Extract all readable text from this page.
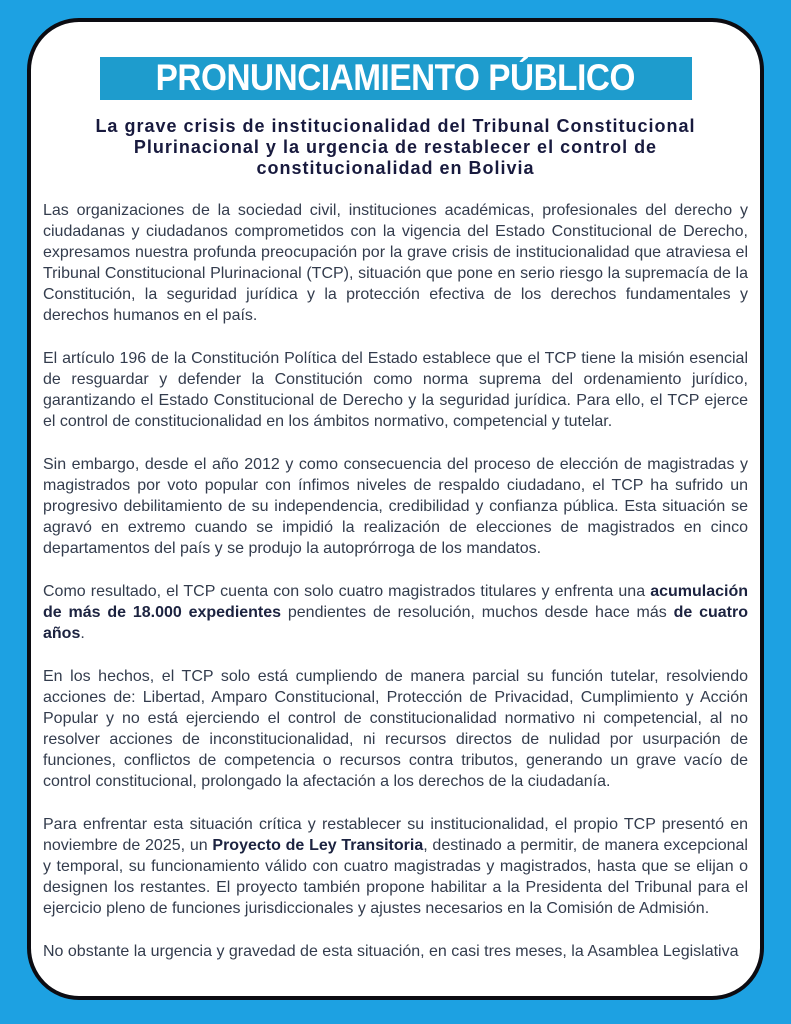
PRONUNCIAMIENTO PÚBLICO
La grave crisis de institucionalidad del Tribunal Constitucional Plurinacional y la urgencia de restablecer el control de constitucionalidad en Bolivia

Las organizaciones de la sociedad civil, instituciones académicas, profesionales del derecho y ciudadanas y ciudadanos comprometidos con la vigencia del Estado Constitucional de Derecho, expresamos nuestra profunda preocupación por la grave crisis de institucionalidad que atraviesa el Tribunal Constitucional Plurinacional (TCP), situación que pone en serio riesgo la supremacía de la Constitución, la seguridad jurídica y la protección efectiva de los derechos fundamentales y derechos humanos en el país.

El artículo 196 de la Constitución Política del Estado establece que el TCP tiene la misión esencial de resguardar y defender la Constitución como norma suprema del ordenamiento jurídico, garantizando el Estado Constitucional de Derecho y la seguridad jurídica. Para ello, el TCP ejerce el control de constitucionalidad en los ámbitos normativo, competencial y tutelar.

Sin embargo, desde el año 2012 y como consecuencia del proceso de elección de magistradas y magistrados por voto popular con ínfimos niveles de respaldo ciudadano, el TCP ha sufrido un progresivo debilitamiento de su independencia, credibilidad y confianza pública. Esta situación se agravó en extremo cuando se impidió la realización de elecciones de magistrados en cinco departamentos del país y se produjo la autoprórroga de los mandatos.

Como resultado, el TCP cuenta con solo cuatro magistrados titulares y enfrenta una acumulación de más de 18.000 expedientes pendientes de resolución, muchos desde hace más de cuatro años.

En los hechos, el TCP solo está cumpliendo de manera parcial su función tutelar, resolviendo acciones de: Libertad, Amparo Constitucional, Protección de Privacidad, Cumplimiento y Acción Popular y no está ejerciendo el control de constitucionalidad normativo ni competencial, al no resolver acciones de inconstitucionalidad, ni recursos directos de nulidad por usurpación de funciones, conflictos de competencia o recursos contra tributos, generando un grave vacío de control constitucional, prolongado la afectación a los derechos de la ciudadanía.

Para enfrentar esta situación crítica y restablecer su institucionalidad, el propio TCP presentó en noviembre de 2025, un Proyecto de Ley Transitoria, destinado a permitir, de manera excepcional y temporal, su funcionamiento válido con cuatro magistradas y magistrados, hasta que se elijan o designen los restantes. El proyecto también propone habilitar a la Presidenta del Tribunal para el ejercicio pleno de funciones jurisdiccionales y ajustes necesarios en la Comisión de Admisión.

No obstante la urgencia y gravedad de esta situación, en casi tres meses, la Asamblea Legislativa
